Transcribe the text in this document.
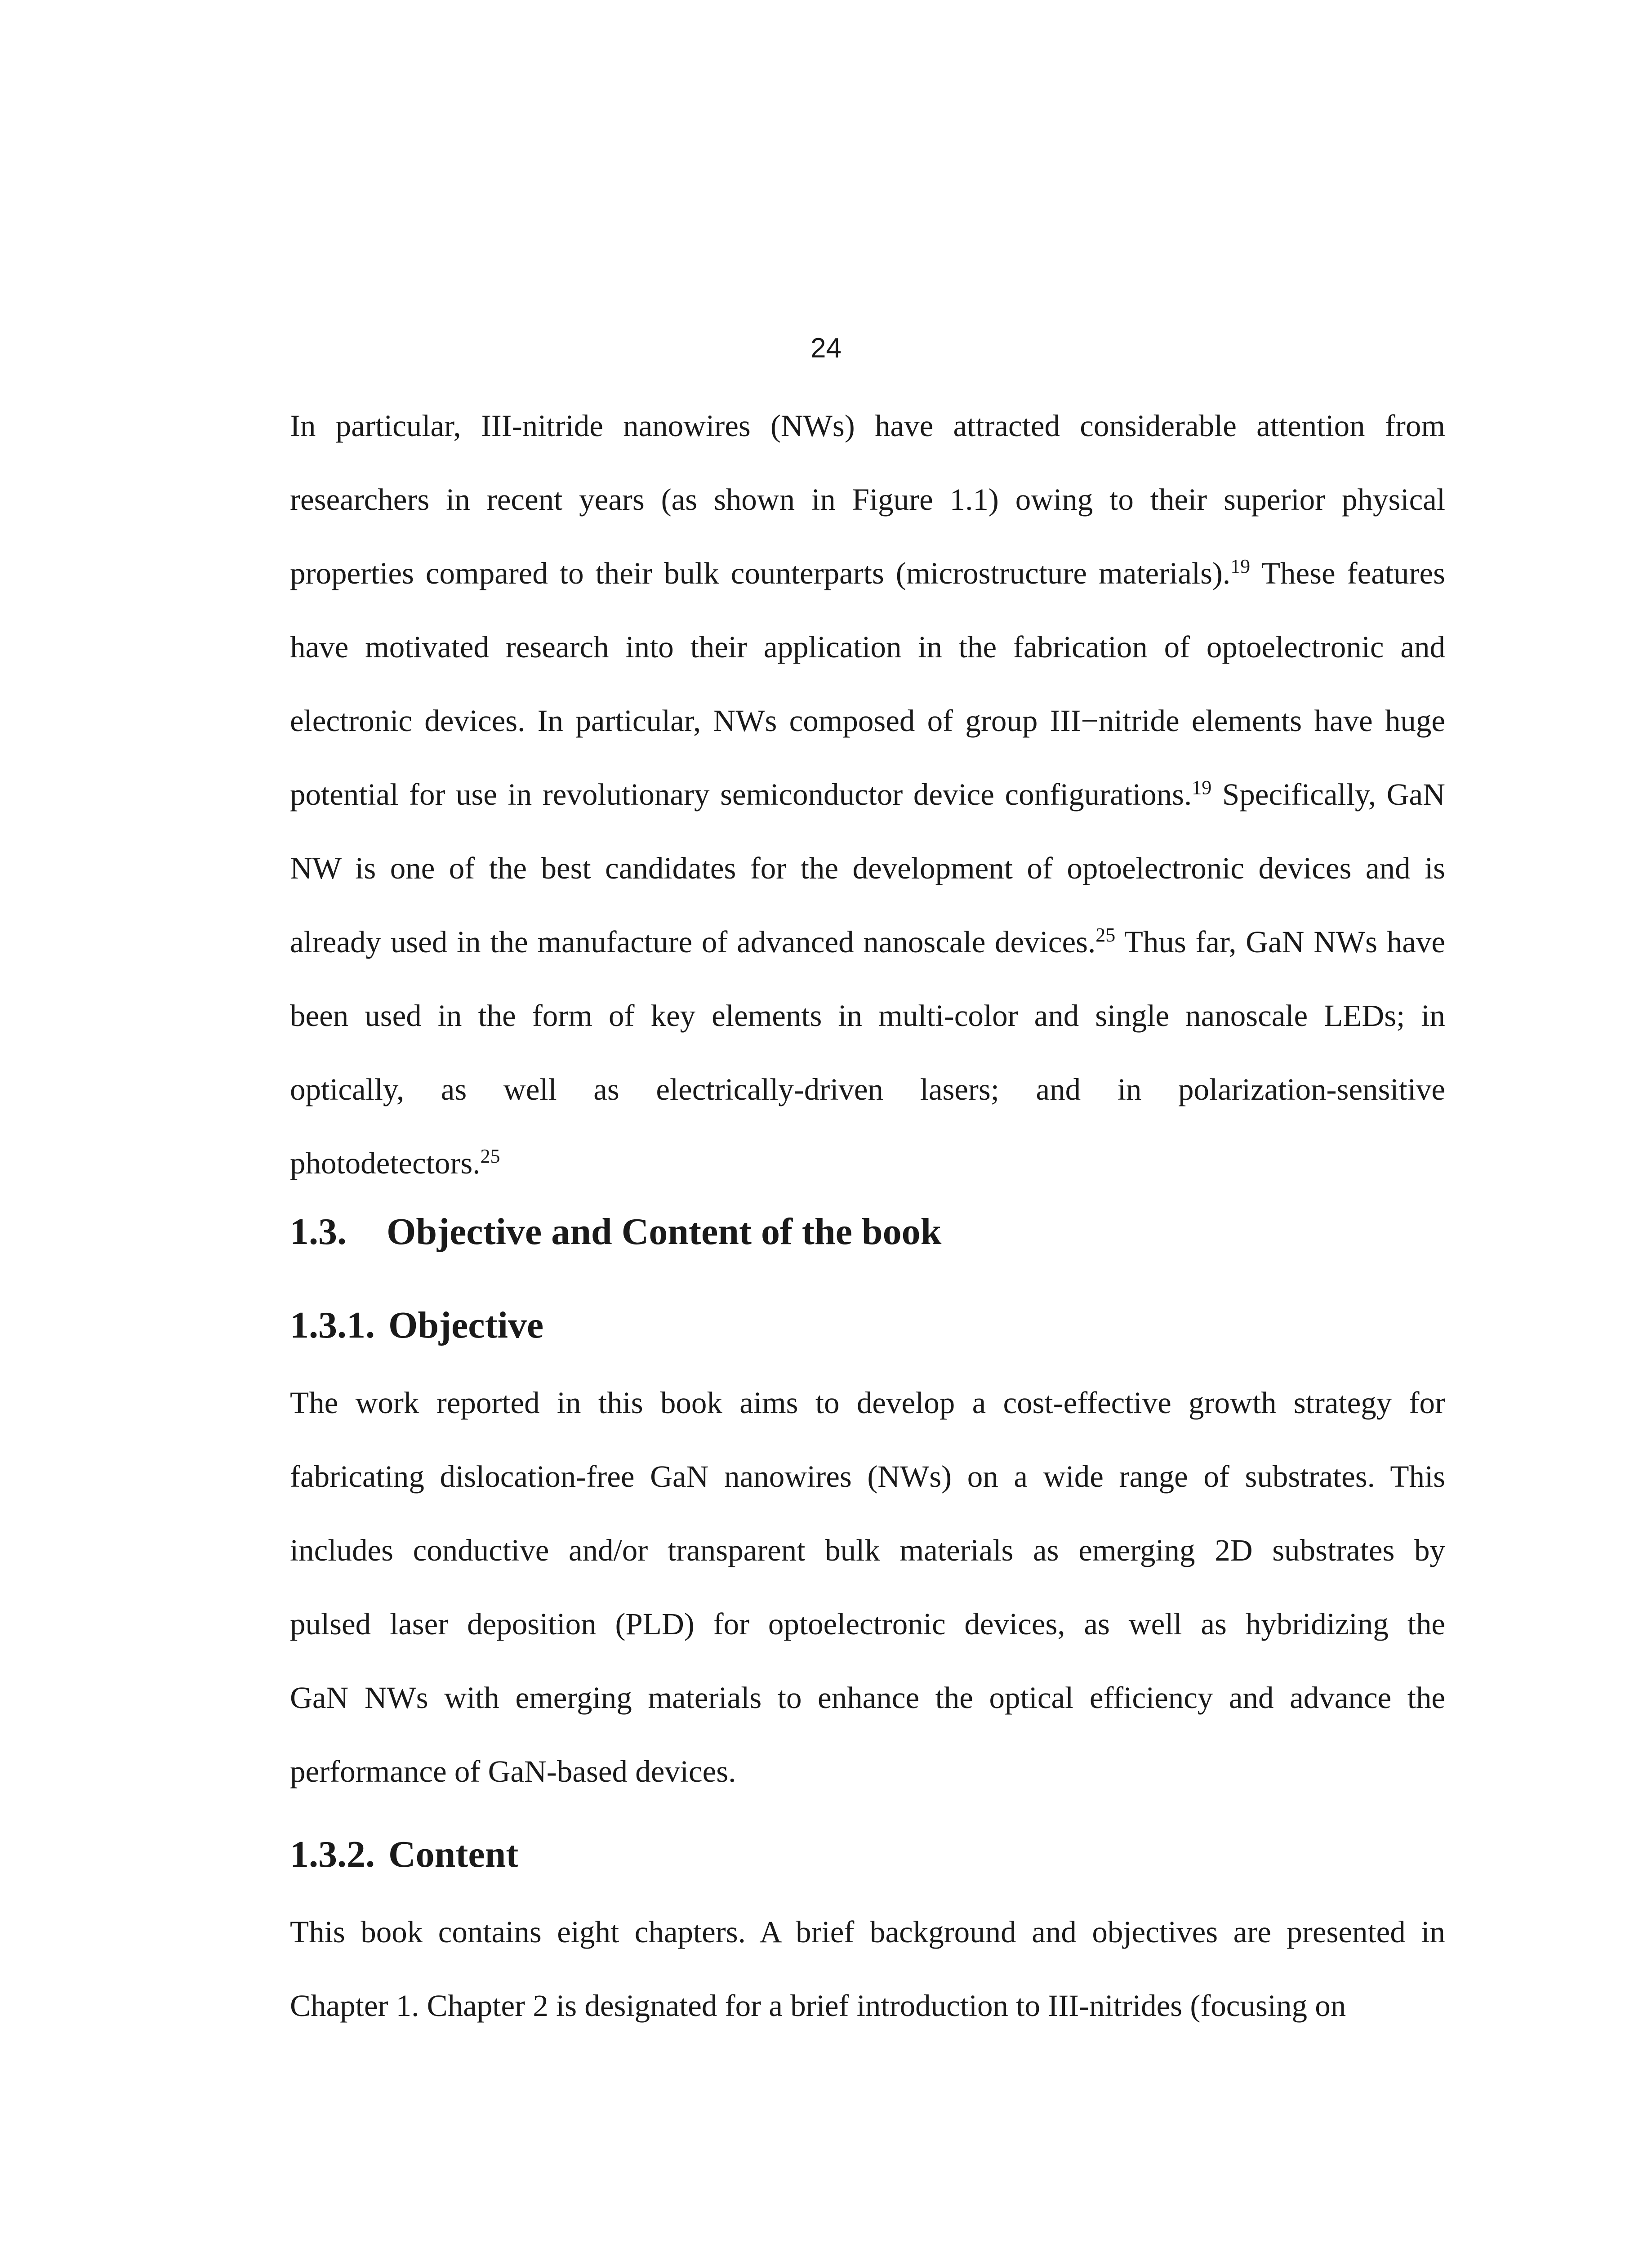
24
In particular, III-nitride nanowires (NWs) have attracted considerable attention from
researchers in recent years (as shown in Figure 1.1) owing to their superior physical
properties compared to their bulk counterparts (microstructure materials).$^{19}$ These features
have motivated research into their application in the fabrication of optoelectronic and
electronic devices. In particular, NWs composed of group III−nitride elements have huge
potential for use in revolutionary semiconductor device configurations.$^{19}$ Specifically, GaN
NW is one of the best candidates for the development of optoelectronic devices and is
already used in the manufacture of advanced nanoscale devices.$^{25}$ Thus far, GaN NWs have
been used in the form of key elements in multi-color and single nanoscale LEDs; in
optically, as well as electrically-driven lasers; and in polarization-sensitive
photodetectors.$^{25}$
1.3. Objective and Content of the book
1.3.1. Objective
The work reported in this book aims to develop a cost-effective growth strategy for
fabricating dislocation-free GaN nanowires (NWs) on a wide range of substrates. This
includes conductive and/or transparent bulk materials as emerging 2D substrates by
pulsed laser deposition (PLD) for optoelectronic devices, as well as hybridizing the
GaN NWs with emerging materials to enhance the optical efficiency and advance the
performance of GaN-based devices.
1.3.2. Content
This book contains eight chapters. A brief background and objectives are presented in
Chapter 1. Chapter 2 is designated for a brief introduction to III-nitrides (focusing on
